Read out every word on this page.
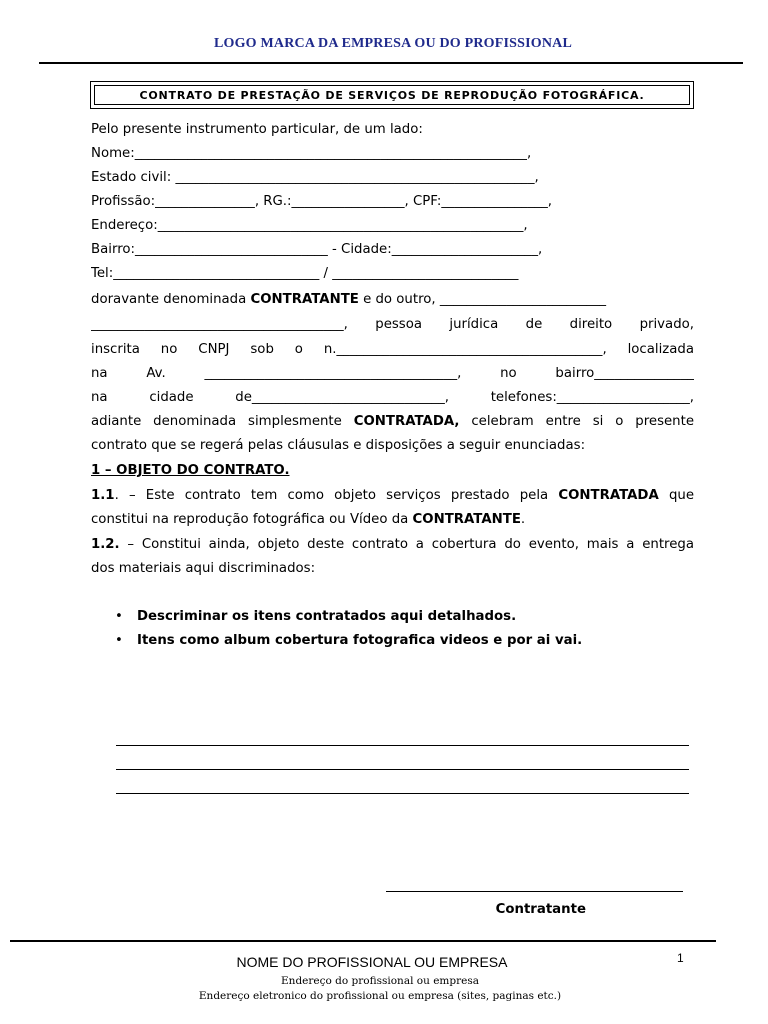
LOGO MARCA DA EMPRESA OU DO PROFISSIONAL
CONTRATO DE PRESTAÇÃO DE SERVIÇOS DE REPRODUÇÃO FOTOGRÁFICA.
Pelo presente instrumento particular, de um lado:
Nome:___________________________________________________________,
Estado civil: ______________________________________________________,
Profissão:_______________, RG.:_________________, CPF:________________,
Endereço:_______________________________________________________,
Bairro:_____________________________ - Cidade:______________________,
Tel:_______________________________ / ____________________________
doravante denominada CONTRATANTE e do outro, _________________________
______________________________________, pessoa jurídica de direito privado,
inscrita no CNPJ sob o n.________________________________________, localizada
na Av. ______________________________________, no bairro_______________
na cidade de_____________________________, telefones:____________________,
adiante denominada simplesmente CONTRATADA, celebram entre si o presente
contrato que se regerá pelas cláusulas e disposições a seguir enunciadas:
1 – OBJETO DO CONTRATO.
1.1. – Este contrato tem como objeto serviços prestado pela CONTRATADA que
constitui na reprodução fotográfica ou Vídeo da CONTRATANTE.
1.2. – Constitui ainda, objeto deste contrato a cobertura do evento, mais a entrega
dos materiais aqui discriminados:
• Descriminar os itens contratados aqui detalhados.
• Itens como album cobertura fotografica videos e por ai vai.
Contratante
NOME DO PROFISSIONAL OU EMPRESA	1
Endereço do profissional ou empresa
Endereço eletronico do profissional ou empresa (sites, paginas etc.)
